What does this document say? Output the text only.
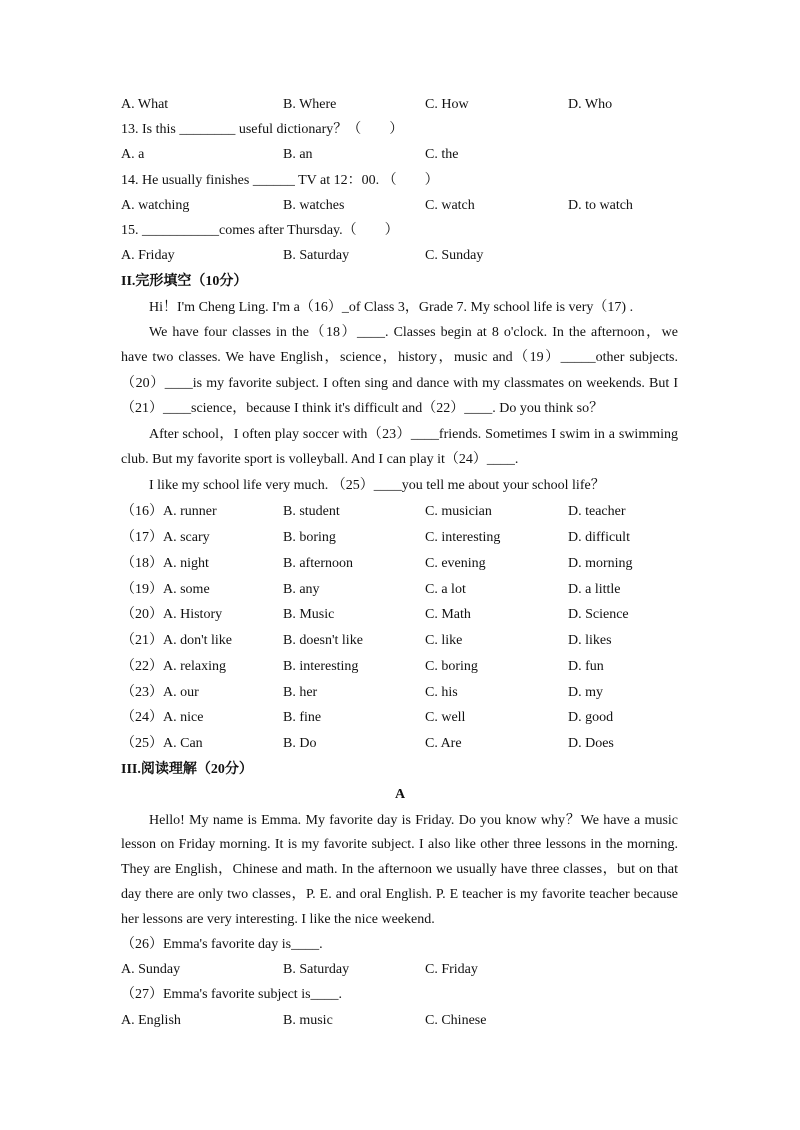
A. What	B. Where	C. How	D. Who
13. Is this ________ useful dictionary？（　　）
A. a	B. an	C. the
14. He usually finishes ______ TV at 12：00. （　　）
A. watching	B. watches	C. watch	D. to watch
15. ___________comes after Thursday.（　　）
A. Friday	B. Saturday	C. Sunday
II.完形填空（10分）
Hi！I'm Cheng Ling. I'm a（16）_of Class 3，Grade 7. My school life is very（17) .
We have four classes in the（18）____. Classes begin at 8 o'clock. In the afternoon，we
have two classes. We have English，science，history，music and（19）_____other subjects.
（20）____is my favorite subject. I often sing and dance with my classmates on weekends. But I
（21）____science，because I think it's difficult and（22）____. Do you think so？
After school，I often play soccer with（23）____friends. Sometimes I swim in a swimming
club. But my favorite sport is volleyball. And I can play it（24）____.
I like my school life very much. （25）____you tell me about your school life？
（16）A. runner	B. student	C. musician	D. teacher
（17）A. scary	B. boring	C. interesting	D. difficult
（18）A. night	B. afternoon	C. evening	D. morning
（19）A. some	B. any	C. a lot	D. a little
（20）A. History	B. Music	C. Math	D. Science
（21）A. don't like	B. doesn't like	C. like	D. likes
（22）A. relaxing	B. interesting	C. boring	D. fun
（23）A. our	B. her	C. his	D. my
（24）A. nice	B. fine	C. well	D. good
（25）A. Can	B. Do	C. Are	D. Does
III.阅读理解（20分）
A
Hello! My name is Emma. My favorite day is Friday. Do you know why？We have a music
lesson on Friday morning. It is my favorite subject. I also like other three lessons in the morning.
They are English，Chinese and math. In the afternoon we usually have three classes，but on that
day there are only two classes，P. E. and oral English. P. E teacher is my favorite teacher because
her lessons are very interesting. I like the nice weekend.
（26）Emma's favorite day is____.
A. Sunday	B. Saturday	C. Friday
（27）Emma's favorite subject is____.
A. English	B. music	C. Chinese
